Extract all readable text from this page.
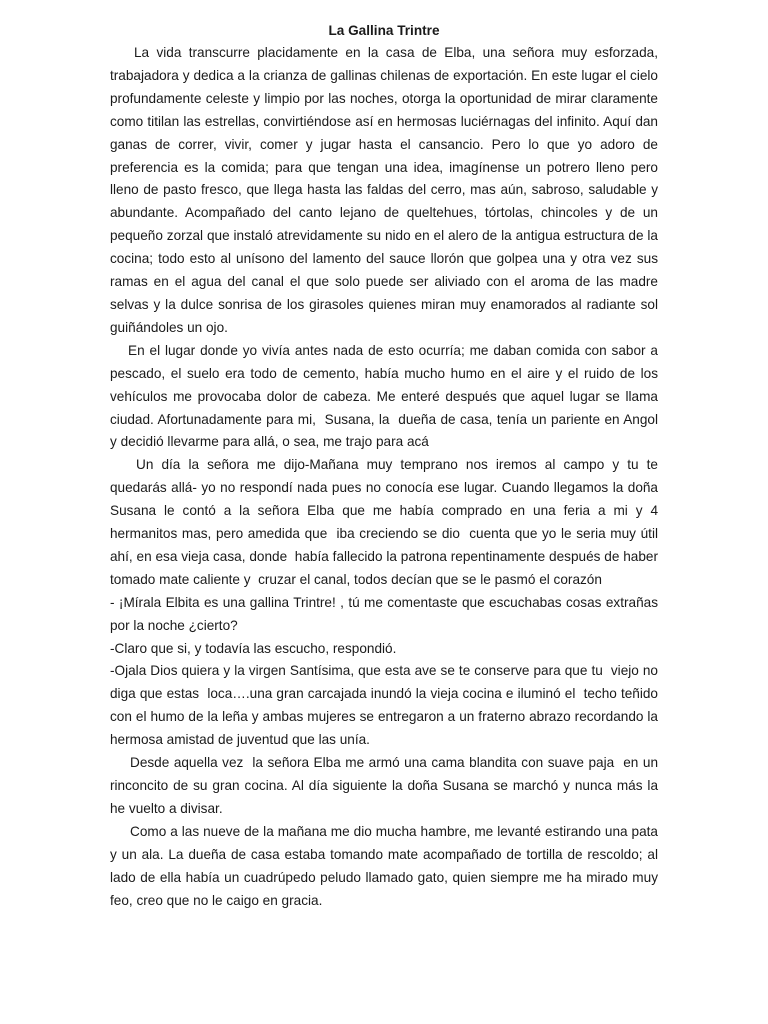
La Gallina Trintre

La vida transcurre placidamente en la casa de Elba, una señora muy esforzada, trabajadora y dedica a la crianza de gallinas chilenas de exportación. En este lugar el cielo profundamente celeste y limpio por las noches, otorga la oportunidad de mirar claramente como titilan las estrellas, convirtiéndose así en hermosas luciérnagas del infinito. Aquí dan ganas de correr, vivir, comer y jugar hasta el cansancio. Pero lo que yo adoro de preferencia es la comida; para que tengan una idea, imagínense un potrero lleno pero lleno de pasto fresco, que llega hasta las faldas del cerro, mas aún, sabroso, saludable y abundante. Acompañado del canto lejano de queltehues, tórtolas, chincoles y de un pequeño zorzal que instaló atrevidamente su nido en el alero de la antigua estructura de la cocina; todo esto al unísono del lamento del sauce llorón que golpea una y otra vez sus ramas en el agua del canal el que solo puede ser aliviado con el aroma de las madre selvas y la dulce sonrisa de los girasoles quienes miran muy enamorados al radiante sol guiñándoles un ojo.

En el lugar donde yo vivía antes nada de esto ocurría; me daban comida con sabor a pescado, el suelo era todo de cemento, había mucho humo en el aire y el ruido de los vehículos me provocaba dolor de cabeza. Me enteré después que aquel lugar se llama ciudad. Afortunadamente para mi,  Susana, la  dueña de casa, tenía un pariente en Angol y decidió llevarme para allá, o sea, me trajo para acá

Un día la señora me dijo-Mañana muy temprano nos iremos al campo y tu te quedarás allá- yo no respondí nada pues no conocía ese lugar. Cuando llegamos la doña Susana le contó a la señora Elba que me había comprado en una feria a mi y 4 hermanitos mas, pero amedida que  iba creciendo se dio  cuenta que yo le seria muy útil ahí, en esa vieja casa, donde  había fallecido la patrona repentinamente después de haber tomado mate caliente y  cruzar el canal, todos decían que se le pasmó el corazón

- ¡Mírala Elbita es una gallina Trintre! , tú me comentaste que escuchabas cosas extrañas por la noche ¿cierto?

-Claro que si, y todavía las escucho, respondió.

-Ojala Dios quiera y la virgen Santísima, que esta ave se te conserve para que tu  viejo no diga que estas  loca….una gran carcajada inundó la vieja cocina e iluminó el  techo teñido con el humo de la leña y ambas mujeres se entregaron a un fraterno abrazo recordando la hermosa amistad de juventud que las unía.

Desde aquella vez  la señora Elba me armó una cama blandita con suave paja  en un rinconcito de su gran cocina. Al día siguiente la doña Susana se marchó y nunca más la he vuelto a divisar.

Como a las nueve de la mañana me dio mucha hambre, me levanté estirando una pata y un ala. La dueña de casa estaba tomando mate acompañado de tortilla de rescoldo; al lado de ella había un cuadrúpedo peludo llamado gato, quien siempre me ha mirado muy feo, creo que no le caigo en gracia.
